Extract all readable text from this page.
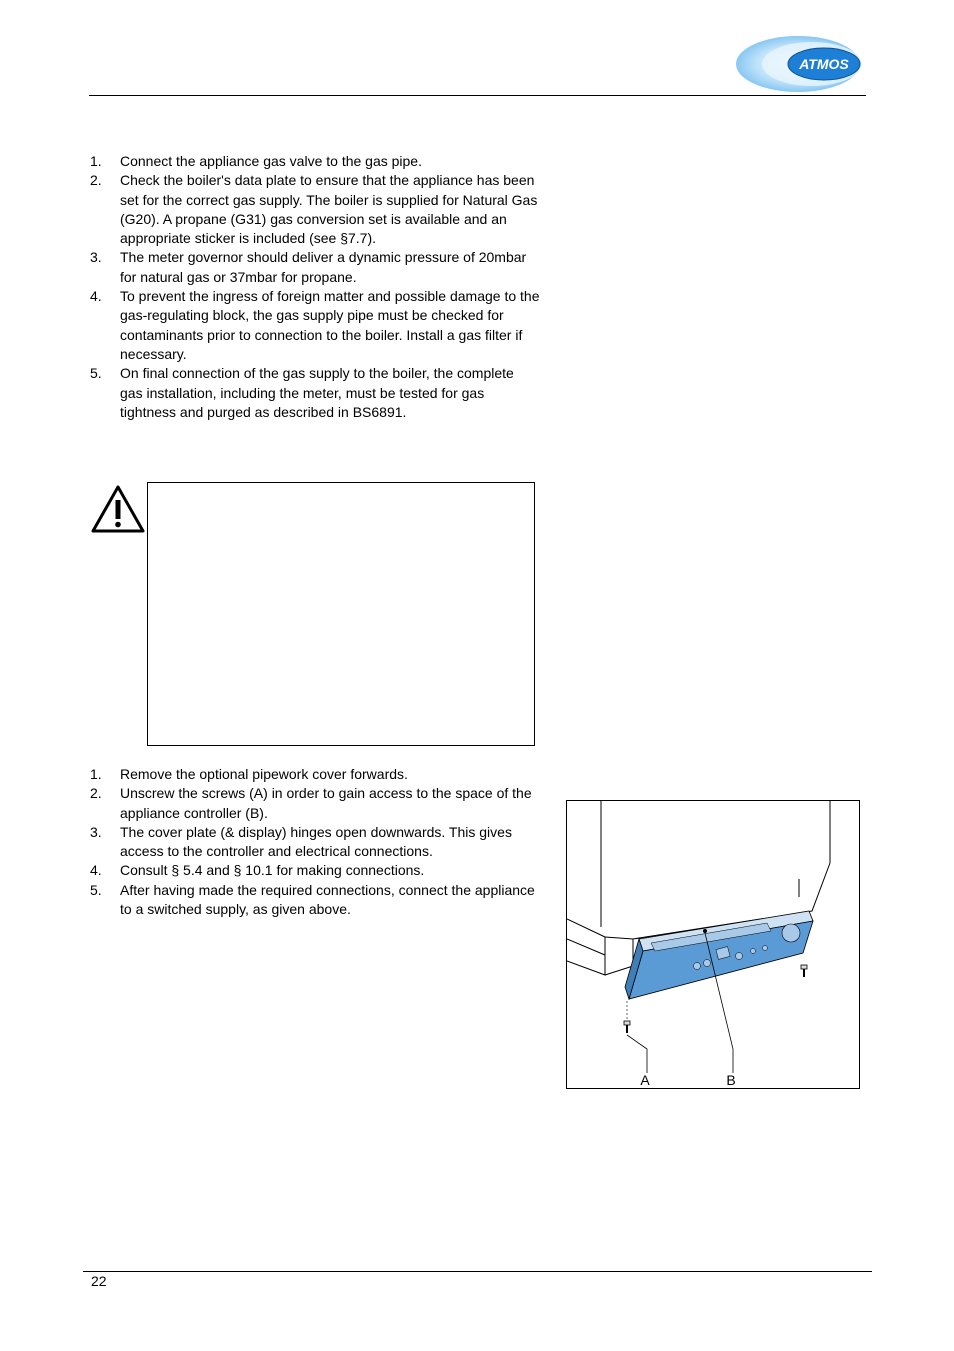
ATMOS
1. Connect the appliance gas valve to the gas pipe.
2. Check the boiler's data plate to ensure that the appliance has been set for the correct gas supply. The boiler is supplied for Natural Gas (G20). A propane (G31) gas conversion set is available and an appropriate sticker is included (see §7.7).
3. The meter governor should deliver a dynamic pressure of 20mbar for natural gas or 37mbar for propane.
4. To prevent the ingress of foreign matter and possible damage to the gas-regulating block, the gas supply pipe must be checked for contaminants prior to connection to the boiler. Install a gas filter if necessary.
5. On final connection of the gas supply to the boiler, the complete gas installation, including the meter, must be tested for gas tightness and purged as described in BS6891.
1. Remove the optional pipework cover forwards.
2. Unscrew the screws (A) in order to gain access to the space of the appliance controller (B).
3. The cover plate (& display) hinges open downwards. This gives access to the controller and electrical connections.
4. Consult § 5.4 and § 10.1 for making connections.
5. After having made the required connections, connect the appliance to a switched supply, as given above.
A	B
22
